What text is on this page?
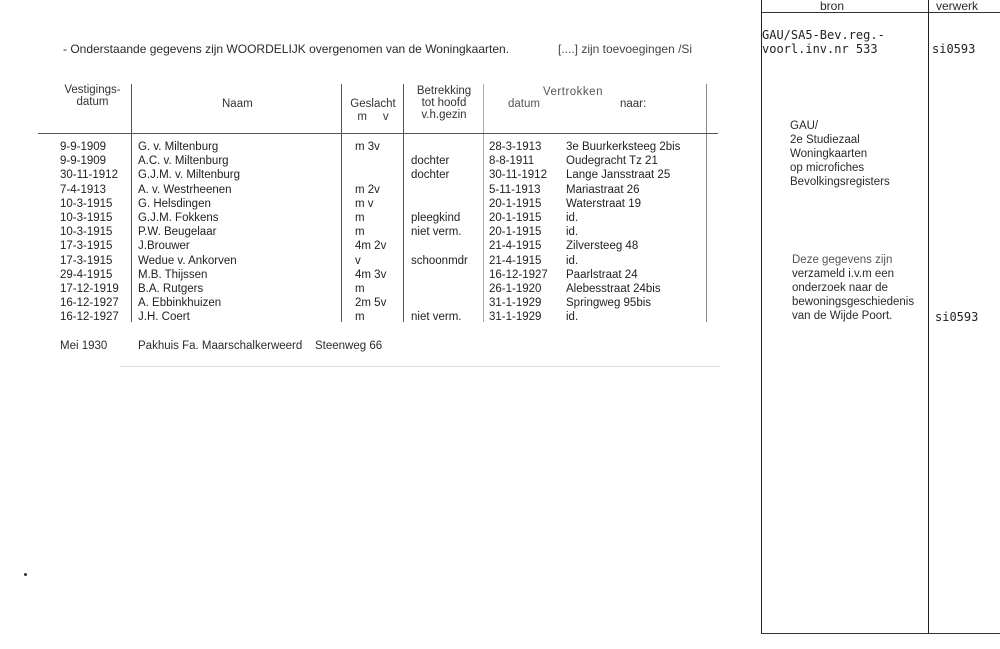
bron	verwerk
GAU/SA5-Bev.reg.-
voorl.inv.nr 533	si0593
GAU/
2e Studiezaal
Woningkaarten
op microfiches
Bevolkingsregisters
Deze gegevens zijn
verzameld i.v.m een
onderzoek naar de
bewoningsgeschiedenis
van de Wijde Poort.	si0593
- Onderstaande gegevens zijn WOORDELIJK overgenomen van de Woningkaarten.	[....] zijn toevoegingen /Si
Vestigings-
datum	Naam	Geslacht
m v
Betrekking
tot hoofd
v.h.gezin
Vertrokken
datum	naar:
9-9-1909	G. v. Miltenburg	m 3v	28-3-1913 3e Buurkerksteeg 2bis
9-9-1909	A.C. v. Miltenburg	dochter	8-8-1911	Oudegracht Tz 21
30-11-1912 G.J.M. v. Miltenburg	dochter	30-11-1912 Lange Jansstraat 25
7-4-1913	A. v. Westrheenen	m 2v	5-11-1913 Mariastraat 26
10-3-1915 G. Helsdingen	m v	20-1-1915 Waterstraat 19
10-3-1915 G.J.M. Fokkens	m	pleegkind	20-1-1915 id.
10-3-1915 P.W. Beugelaar	m	niet verm. 20-1-1915 id.
17-3-1915 J.Brouwer	4m 2v	21-4-1915 Zilversteeg 48
17-3-1915 Wedue v. Ankorven	v	schoonmdr 21-4-1915 id.
29-4-1915 M.B. Thijssen	4m 3v	16-12-1927 Paarlstraat 24
17-12-1919 B.A. Rutgers	m	26-1-1920 Alebesstraat 24bis
16-12-1927 A. Ebbinkhuizen	2m 5v	31-1-1929 Springweg 95bis
16-12-1927 J.H. Coert	m	niet verm. 31-1-1929 id.
Mei 1930	Pakhuis Fa. Maarschalkerweerd Steenweg 66
